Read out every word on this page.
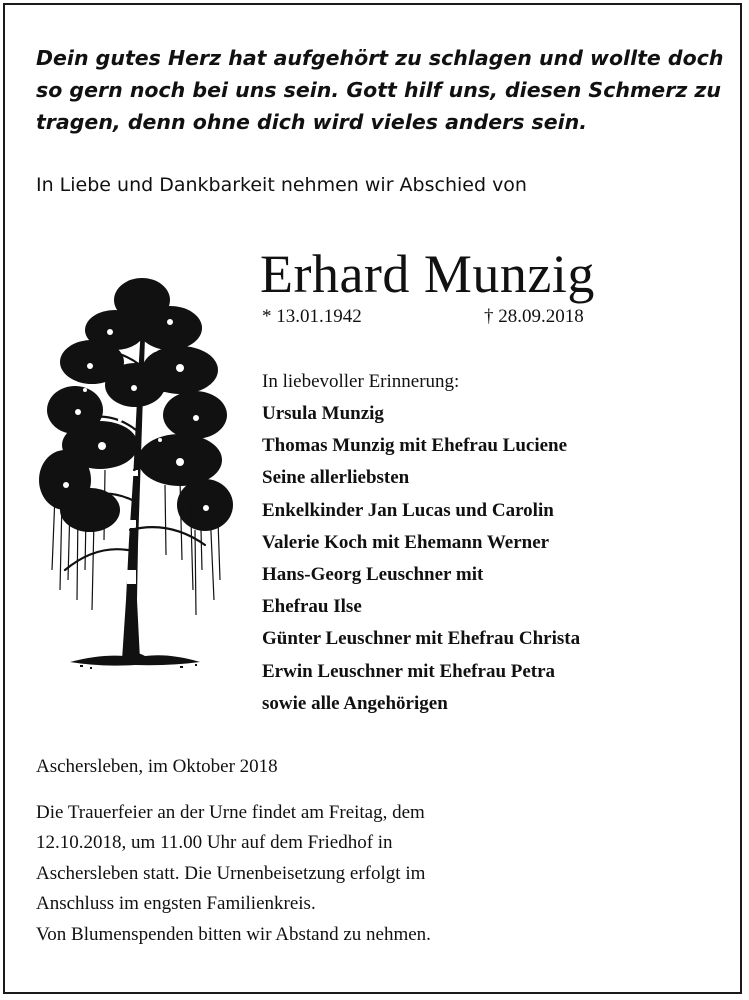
Dein gutes Herz hat aufgehört zu schlagen und wollte doch
so gern noch bei uns sein. Gott hilf uns, diesen Schmerz zu
tragen, denn ohne dich wird vieles anders sein.
In Liebe und Dankbarkeit nehmen wir Abschied von
Erhard Munzig
* 13.01.1942	† 28.09.2018
In liebevoller Erinnerung:
Ursula Munzig
Thomas Munzig mit Ehefrau Luciene
Seine allerliebsten
Enkelkinder Jan Lucas und Carolin
Valerie Koch mit Ehemann Werner
Hans-Georg Leuschner mit
Ehefrau Ilse
Günter Leuschner mit Ehefrau Christa
Erwin Leuschner mit Ehefrau Petra
sowie alle Angehörigen
Aschersleben, im Oktober 2018
Die Trauerfeier an der Urne findet am Freitag, dem
12.10.2018, um 11.00 Uhr auf dem Friedhof in
Aschersleben statt. Die Urnenbeisetzung erfolgt im
Anschluss im engsten Familienkreis.
Von Blumenspenden bitten wir Abstand zu nehmen.
